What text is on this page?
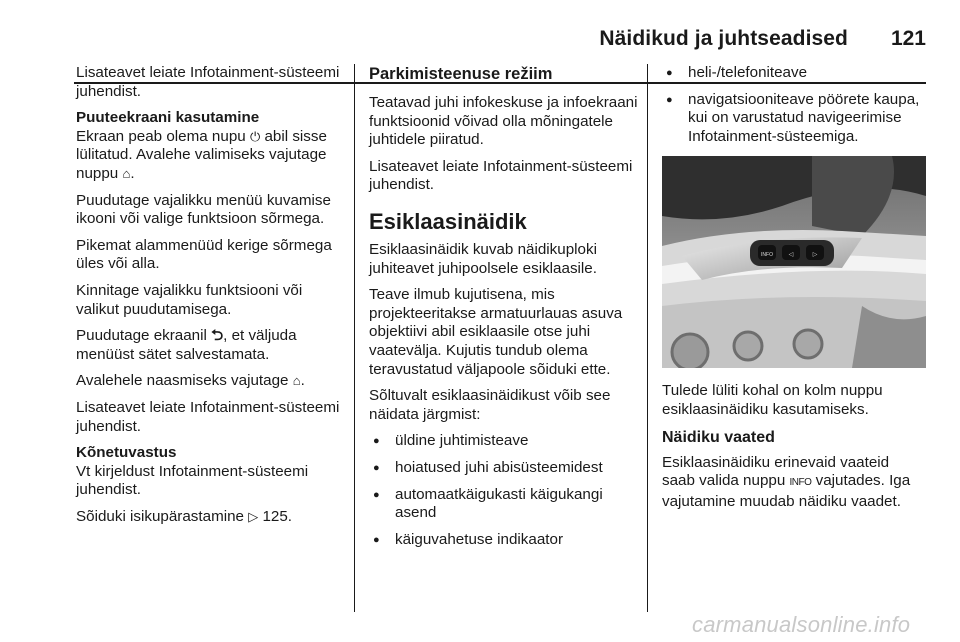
Näidikud ja juhtseadised 121

Lisateavet leiate Infotainment-süsteemi juhendist.

Puuteekraani kasutamine

Ekraan peab olema nupu ⏻ abil sisse lülitatud. Avalehe valimiseks vajutage nuppu ⌂.

Puudutage vajalikku menüü kuvamise ikooni või valige funktsioon sõrmega.

Pikemat alammenüüd kerige sõrmega üles või alla.

Kinnitage vajalikku funktsiooni või valikut puudutamisega.

Puudutage ekraanil ⮌, et väljuda menüüst sätet salvestamata.

Avalehele naasmiseks vajutage ⌂.

Lisateavet leiate Infotainment-süsteemi juhendist.

Kõnetuvastus

Vt kirjeldust Infotainment-süsteemi juhendist.

Sõiduki isikupärastamine ▷ 125.

Parkimisteenuse režiim

Teatavad juhi infokeskuse ja infoekraani funktsioonid võivad olla mõningatele juhtidele piiratud.

Lisateavet leiate Infotainment-süsteemi juhendist.

Esiklaasinäidik

Esiklaasinäidik kuvab näidikuploki juhiteavet juhipoolsele esiklaasile.

Teave ilmub kujutisena, mis projekteeritakse armatuurlauas asuva objektiivi abil esiklaasile otse juhi vaatevälja. Kujutis tundub olema teravustatud väljapoole sõiduki ette.

Sõltuvalt esiklaasinäidikust võib see näidata järgmist:

● üldine juhtimisteave
● hoiatused juhi abisüsteemidest
● automaatkäigukasti käigukangi asend
● käiguvahetuse indikaator
● heli-/telefoniteave
● navigatsiooniteave pöörete kaupa, kui on varustatud navigeerimise Infotainment-süsteemiga.
INFO	◁	▷

Tulede lüliti kohal on kolm nuppu esiklaasinäidiku kasutamiseks.

Näidiku vaated

Esiklaasinäidiku erinevaid vaateid saab valida nuppu INFO vajutades. Iga vajutamine muudab näidiku vaadet.

carmanualsonline.info
